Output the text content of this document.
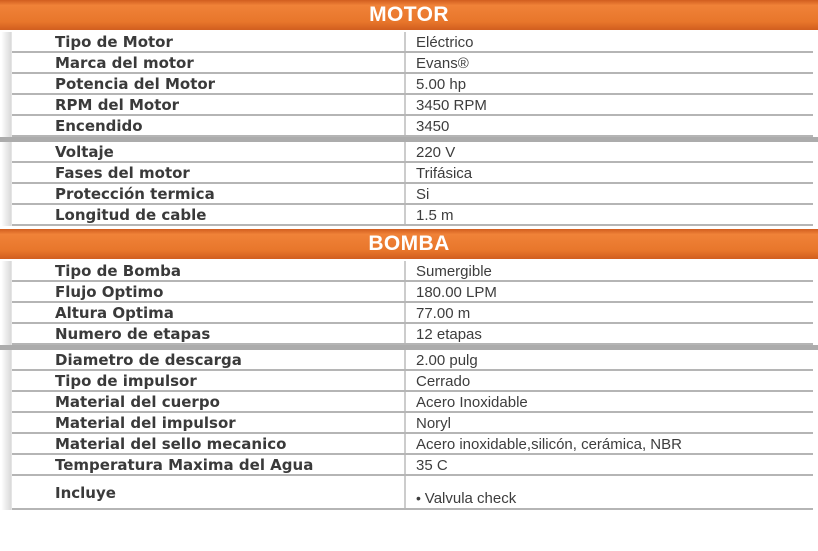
MOTOR
Tipo de Motor	Eléctrico
Marca del motor	Evans®
Potencia del Motor	5.00 hp
RPM del Motor	3450 RPM
Encendido	3450
Voltaje	220 V
Fases del motor	Trifásica
Protección termica	Si
Longitud de cable	1.5 m
BOMBA
Tipo de Bomba	Sumergible
Flujo Optimo	180.00 LPM
Altura Optima	77.00 m
Numero de etapas	12 etapas
Diametro de descarga	2.00 pulg
Tipo de impulsor	Cerrado
Material del cuerpo	Acero Inoxidable
Material del impulsor	Noryl
Material del sello mecanico	Acero inoxidable,silicón, cerámica, NBR
Temperatura Maxima del Agua	35 C
Incluye	• Valvula check
